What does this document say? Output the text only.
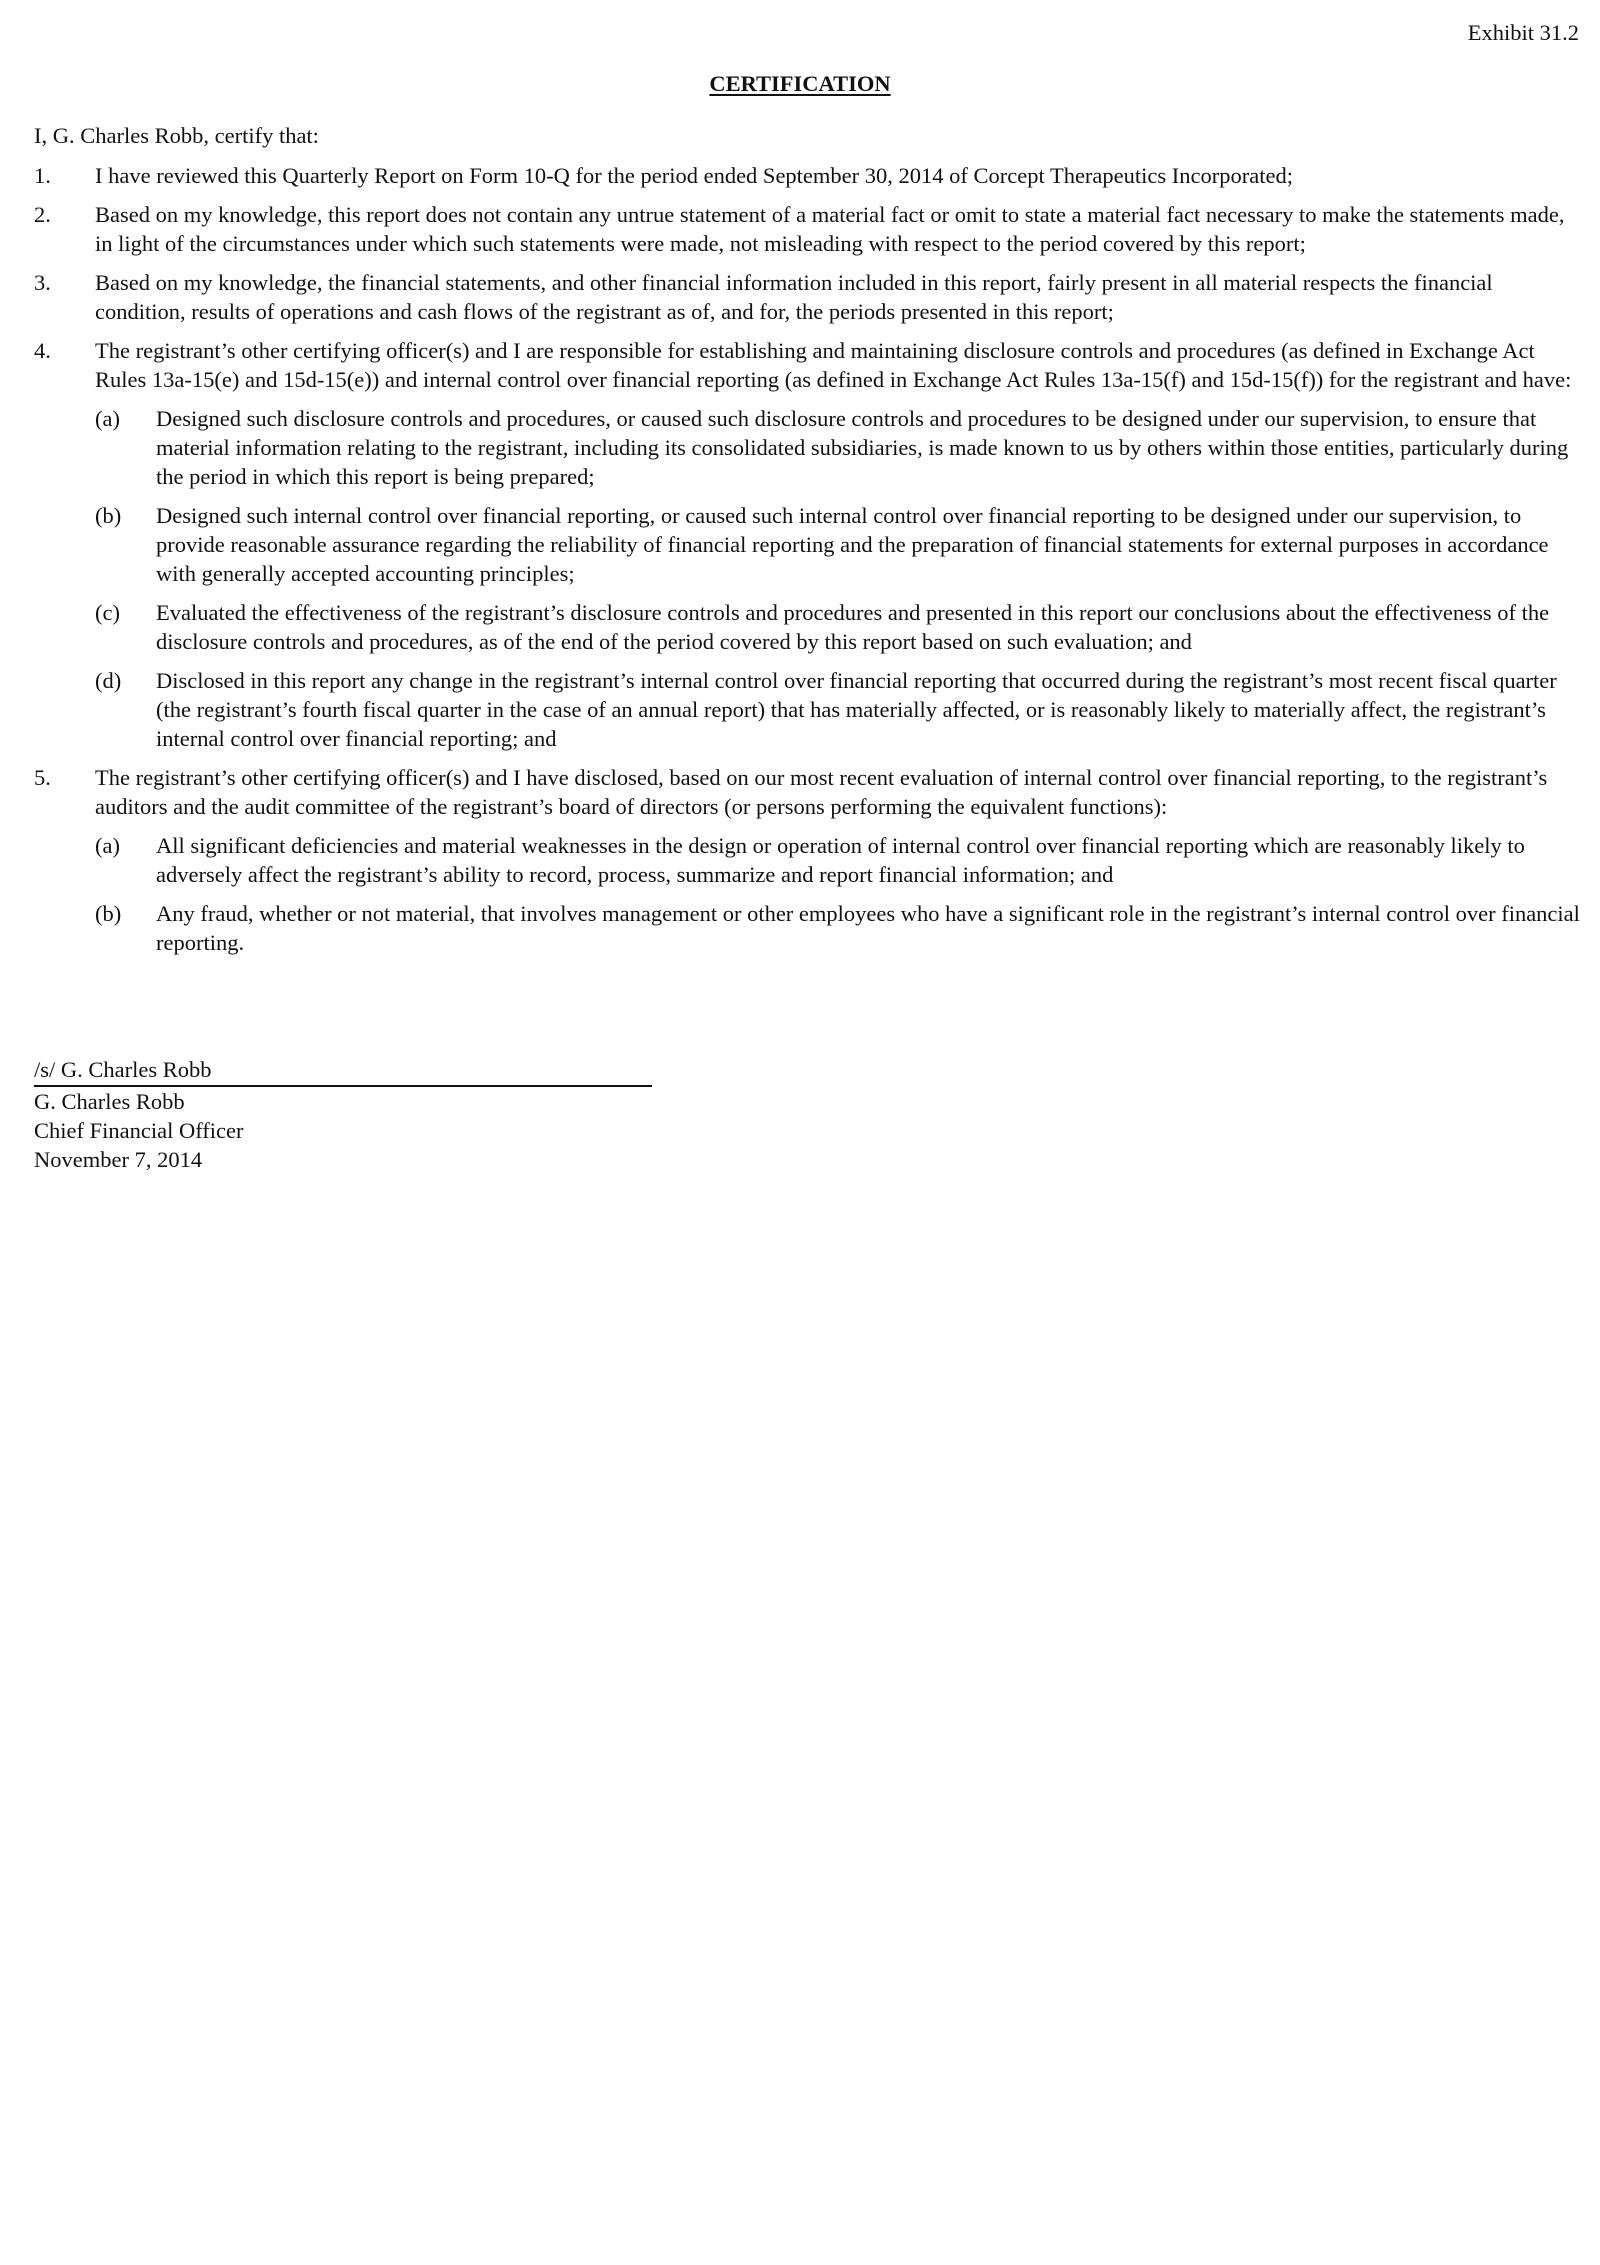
Exhibit 31.2
CERTIFICATION
I, G. Charles Robb, certify that:
1.	I have reviewed this Quarterly Report on Form 10-Q for the period ended September 30, 2014 of Corcept Therapeutics Incorporated;
2.	Based on my knowledge, this report does not contain any untrue statement of a material fact or omit to state a material fact necessary to make the statements made, in light of the circumstances under which such statements were made, not misleading with respect to the period covered by this report;
3.	Based on my knowledge, the financial statements, and other financial information included in this report, fairly present in all material respects the financial condition, results of operations and cash flows of the registrant as of, and for, the periods presented in this report;
4.	The registrant’s other certifying officer(s) and I are responsible for establishing and maintaining disclosure controls and procedures (as defined in Exchange Act Rules 13a-15(e) and 15d-15(e)) and internal control over financial reporting (as defined in Exchange Act Rules 13a-15(f) and 15d-15(f)) for the registrant and have:
(a)	Designed such disclosure controls and procedures, or caused such disclosure controls and procedures to be designed under our supervision, to ensure that material information relating to the registrant, including its consolidated subsidiaries, is made known to us by others within those entities, particularly during the period in which this report is being prepared;
(b)	Designed such internal control over financial reporting, or caused such internal control over financial reporting to be designed under our supervision, to provide reasonable assurance regarding the reliability of financial reporting and the preparation of financial statements for external purposes in accordance with generally accepted accounting principles;
(c)	Evaluated the effectiveness of the registrant’s disclosure controls and procedures and presented in this report our conclusions about the effectiveness of the disclosure controls and procedures, as of the end of the period covered by this report based on such evaluation; and
(d)	Disclosed in this report any change in the registrant’s internal control over financial reporting that occurred during the registrant’s most recent fiscal quarter (the registrant’s fourth fiscal quarter in the case of an annual report) that has materially affected, or is reasonably likely to materially affect, the registrant’s internal control over financial reporting; and
5.	The registrant’s other certifying officer(s) and I have disclosed, based on our most recent evaluation of internal control over financial reporting, to the registrant’s auditors and the audit committee of the registrant’s board of directors (or persons performing the equivalent functions):
(a)	All significant deficiencies and material weaknesses in the design or operation of internal control over financial reporting which are reasonably likely to adversely affect the registrant’s ability to record, process, summarize and report financial information; and
(b)	Any fraud, whether or not material, that involves management or other employees who have a significant role in the registrant’s internal control over financial reporting.
/s/ G. Charles Robb
G. Charles Robb
Chief Financial Officer
November 7, 2014
